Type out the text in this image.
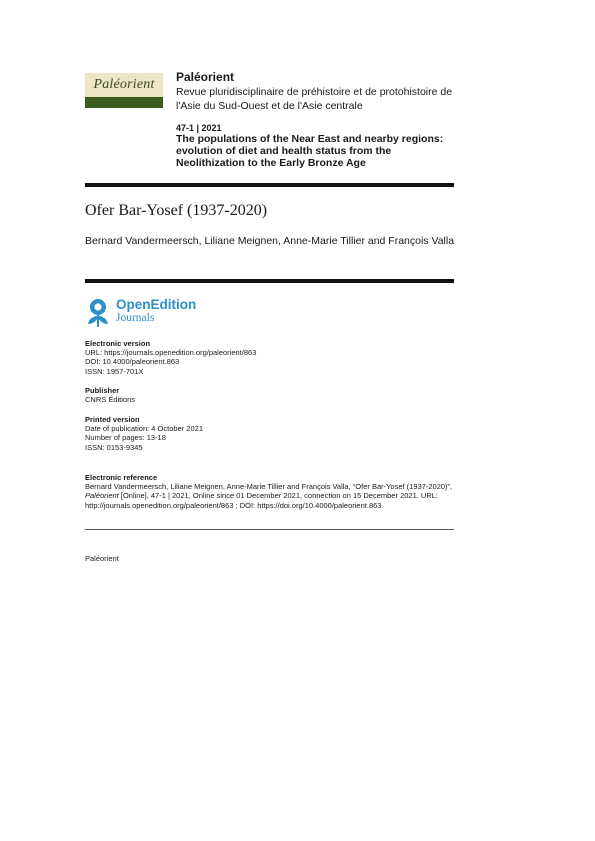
Paléorient Paléorient
Revue pluridisciplinaire de préhistoire et de protohistoire de l'Asie du Sud-Ouest et de l'Asie centrale
47-1 | 2021
The populations of the Near East and nearby regions: evolution of diet and health status from the Neolithization to the Early Bronze Age
Ofer Bar-Yosef (1937-2020)
Bernard Vandermeersch, Liliane Meignen, Anne-Marie Tillier and François Valla
OpenEdition
Journals
Electronic version
URL: https://journals.openedition.org/paleorient/863
DOI: 10.4000/paleorient.863
ISSN: 1957-701X
Publisher
CNRS Éditions
Printed version
Date of publication: 4 October 2021
Number of pages: 13-18
ISSN: 0153-9345
Electronic reference
Bernard Vandermeersch, Liliane Meignen, Anne-Marie Tillier and François Valla, “Ofer Bar-Yosef (1937-2020)”, Paléorient [Online], 47-1 | 2021, Online since 01 December 2021, connection on 15 December 2021. URL: http://journals.openedition.org/paleorient/863 ; DOI: https://doi.org/10.4000/paleorient.863
Paléorient
